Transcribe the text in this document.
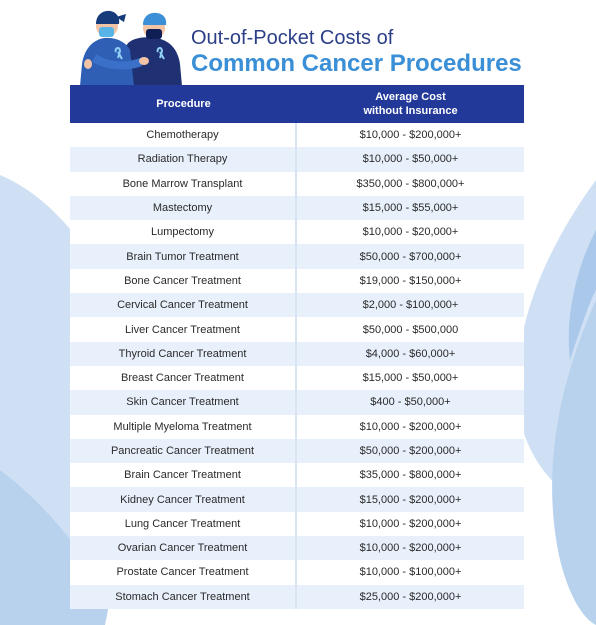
Out-of-Pocket Costs of
Common Cancer Procedures
Procedure	Average Cost
without Insurance
Chemotherapy	$10,000 - $200,000+
Radiation Therapy	$10,000 - $50,000+
Bone Marrow Transplant	$350,000 - $800,000+
Mastectomy	$15,000 - $55,000+
Lumpectomy	$10,000 - $20,000+
Brain Tumor Treatment	$50,000 - $700,000+
Bone Cancer Treatment	$19,000 - $150,000+
Cervical Cancer Treatment	$2,000 - $100,000+
Liver Cancer Treatment	$50,000 - $500,000
Thyroid Cancer Treatment	$4,000 - $60,000+
Breast Cancer Treatment	$15,000 - $50,000+
Skin Cancer Treatment	$400 - $50,000+
Multiple Myeloma Treatment	$10,000 - $200,000+
Pancreatic Cancer Treatment	$50,000 - $200,000+
Brain Cancer Treatment	$35,000 - $800,000+
Kidney Cancer Treatment	$15,000 - $200,000+
Lung Cancer Treatment	$10,000 - $200,000+
Ovarian Cancer Treatment	$10,000 - $200,000+
Prostate Cancer Treatment	$10,000 - $100,000+
Stomach Cancer Treatment	$25,000 - $200,000+
